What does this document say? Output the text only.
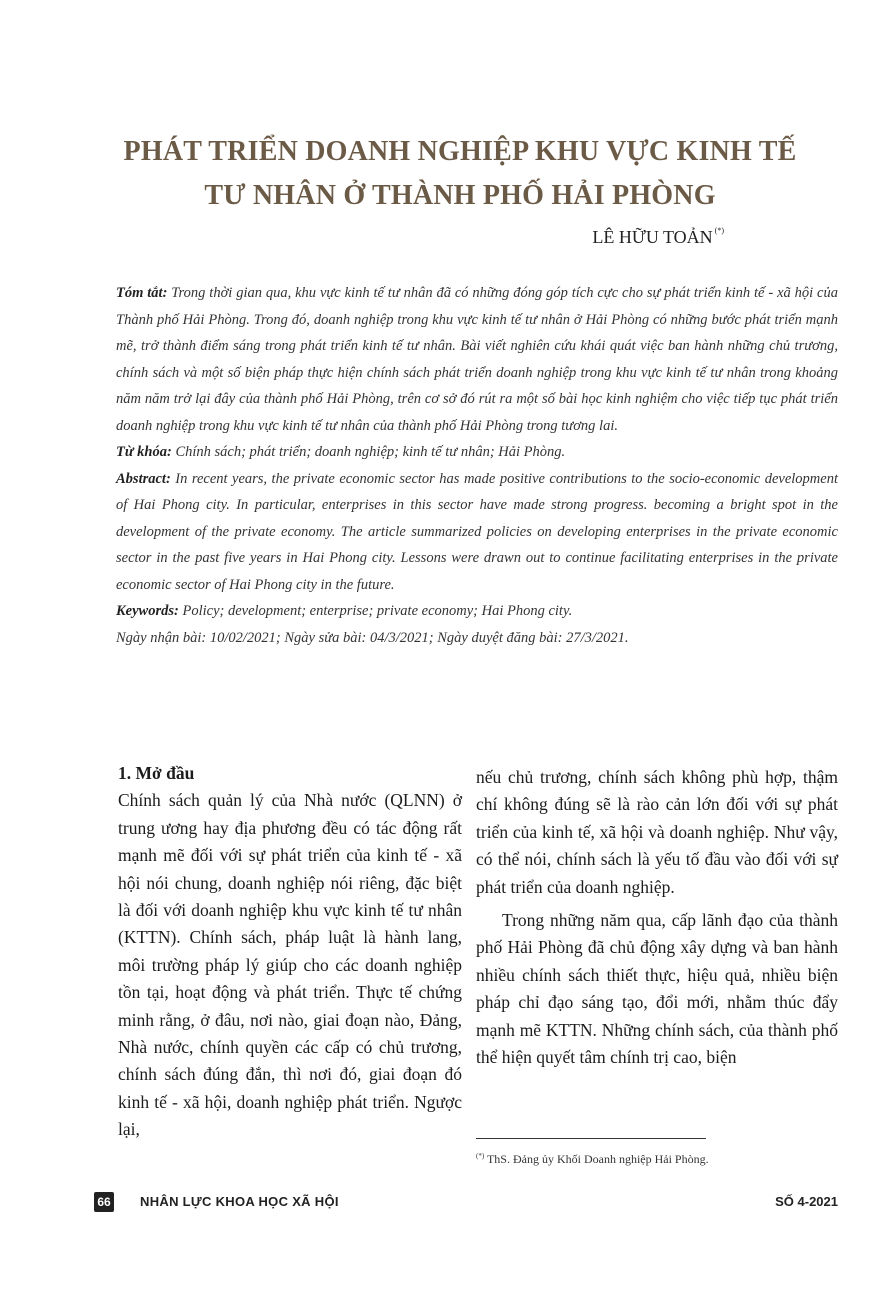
PHÁT TRIỂN DOANH NGHIỆP KHU VỰC KINH TẾ
TƯ NHÂN Ở THÀNH PHỐ HẢI PHÒNG
LÊ HỮU TOẢN (*)

Tóm tắt: Trong thời gian qua, khu vực kinh tế tư nhân đã có những đóng góp tích cực cho sự phát triển kinh tế - xã hội của Thành phố Hải Phòng. Trong đó, doanh nghiệp trong khu vực kinh tế tư nhân ở Hải Phòng có những bước phát triển mạnh mẽ, trở thành điểm sáng trong phát triển kinh tế tư nhân. Bài viết nghiên cứu khái quát việc ban hành những chủ trương, chính sách và một số biện pháp thực hiện chính sách phát triển doanh nghiệp trong khu vực kinh tế tư nhân trong khoảng năm năm trở lại đây của thành phố Hải Phòng, trên cơ sở đó rút ra một số bài học kinh nghiệm cho việc tiếp tục phát triển doanh nghiệp trong khu vực kinh tế tư nhân của thành phố Hải Phòng trong tương lai.

Từ khóa: Chính sách; phát triển; doanh nghiệp; kinh tế tư nhân; Hải Phòng.

Abstract: In recent years, the private economic sector has made positive contributions to the socio-economic development of Hai Phong city. In particular, enterprises in this sector have made strong progress. becoming a bright spot in the development of the private economy. The article summarized policies on developing enterprises in the private economic sector in the past five years in Hai Phong city. Lessons were drawn out to continue facilitating enterprises in the private economic sector of Hai Phong city in the future.

Keywords: Policy; development; enterprise; private economy; Hai Phong city.

Ngày nhận bài: 10/02/2021; Ngày sửa bài: 04/3/2021; Ngày duyệt đăng bài: 27/3/2021.

1. Mở đầu

Chính sách quản lý của Nhà nước (QLNN) ở trung ương hay địa phương đều có tác động rất mạnh mẽ đối với sự phát triển của kinh tế - xã hội nói chung, doanh nghiệp nói riêng, đặc biệt là đối với doanh nghiệp khu vực kinh tế tư nhân (KTTN). Chính sách, pháp luật là hành lang, môi trường pháp lý giúp cho các doanh nghiệp tồn tại, hoạt động và phát triển. Thực tế chứng minh rằng, ở đâu, nơi nào, giai đoạn nào, Đảng, Nhà nước, chính quyền các cấp có chủ trương, chính sách đúng đắn, thì nơi đó, giai đoạn đó kinh tế - xã hội, doanh nghiệp phát triển. Ngược lại,

nếu chủ trương, chính sách không phù hợp, thậm chí không đúng sẽ là rào cản lớn đối với sự phát triển của kinh tế, xã hội và doanh nghiệp. Như vậy, có thể nói, chính sách là yếu tố đầu vào đối với sự phát triển của doanh nghiệp.

Trong những năm qua, cấp lãnh đạo của thành phố Hải Phòng đã chủ động xây dựng và ban hành nhiều chính sách thiết thực, hiệu quả, nhiều biện pháp chỉ đạo sáng tạo, đổi mới, nhằm thúc đẩy mạnh mẽ KTTN. Những chính sách, của thành phố thể hiện quyết tâm chính trị cao, biện

(*) ThS. Đảng ủy Khối Doanh nghiệp Hải Phòng.
66 NHÂN LỰC KHOA HỌC XÃ HỘI	SỐ 4-2021
